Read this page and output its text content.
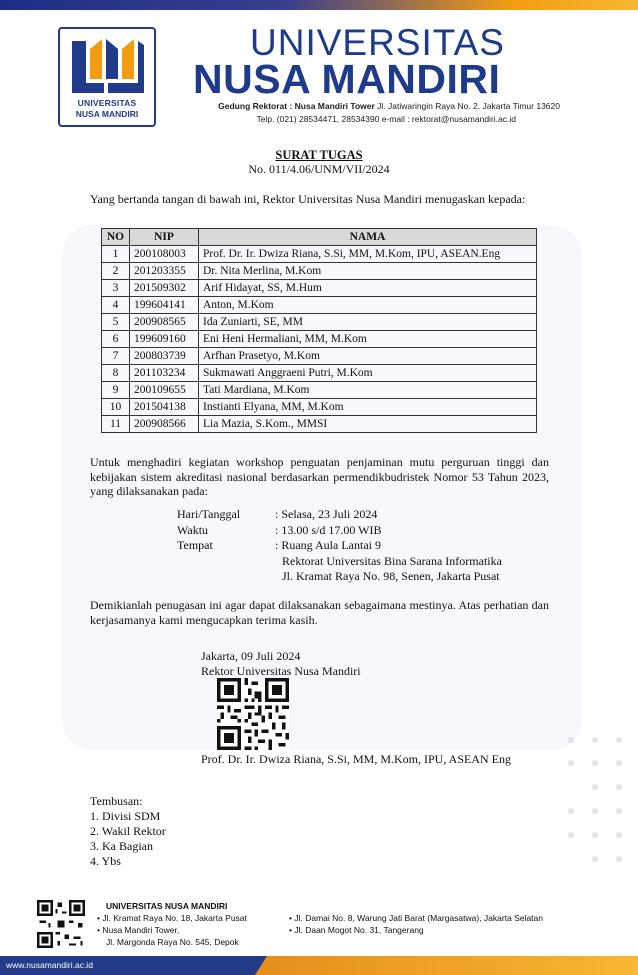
UNIVERSITAS
NUSA MANDIRI
UNIVERSITAS
NUSA MANDIRI
Gedung Rektorat : Nusa Mandiri Tower Jl. Jatiwaringin Raya No. 2, Jakarta Timur 13620
Telp. (021) 28534471, 28534390 e-mail : rektorat@nusamandiri.ac.id
SURAT TUGAS
No. 011/4.06/UNM/VII/2024
Yang bertanda tangan di bawah ini, Rektor Universitas Nusa Mandiri menugaskan kepada:
NO	NIP	NAMA
1	200108003	Prof. Dr. Ir. Dwiza Riana, S.Si, MM, M.Kom, IPU, ASEAN.Eng
2	201203355	Dr. Nita Merlina, M.Kom
3	201509302	Arif Hidayat, SS, M.Hum
4	199604141	Anton, M.Kom
5	200908565	Ida Zuniarti, SE, MM
6	199609160	Eni Heni Hermaliani, MM, M.Kom
7	200803739	Arfhan Prasetyo, M.Kom
8	201103234	Sukmawati Anggraeni Putri, M.Kom
9	200109655	Tati Mardiana, M.Kom
10	201504138	Instianti Elyana, MM, M.Kom
11	200908566	Lia Mazia, S.Kom., MMSI
Untuk menghadiri kegiatan workshop penguatan penjaminan mutu perguruan tinggi dan kebijakan sistem akreditasi nasional berdasarkan permendikbudristek Nomor 53 Tahun 2023, yang dilaksanakan pada:
Hari/Tanggal	: Selasa, 23 Juli 2024
Waktu	: 13.00 s/d 17.00 WIB
Tempat	: Ruang Aula Lantai 9
Rektorat Universitas Bina Sarana Informatika
Jl. Kramat Raya No. 98, Senen, Jakarta Pusat
Demikianlah penugasan ini agar dapat dilaksanakan sebagaimana mestinya. Atas perhatian dan kerjasamanya kami mengucapkan terima kasih.
Jakarta, 09 Juli 2024
Rektor Universitas Nusa Mandiri
Prof. Dr. Ir. Dwiza Riana, S.Si, MM, M.Kom, IPU, ASEAN Eng
Tembusan:
1. Divisi SDM
2. Wakil Rektor
3. Ka Bagian
4. Ybs
UNIVERSITAS NUSA MANDIRI
• Jl. Kramat Raya No. 18, Jakarta Pusat
• Nusa Mandiri Tower,
Jl. Margonda Raya No. 545, Depok
• Jl. Damai No. 8, Warung Jati Barat (Margasatwa), Jakarta Selatan
• Jl. Daan Mogot No. 31, Tangerang
www.nusamandiri.ac.id
